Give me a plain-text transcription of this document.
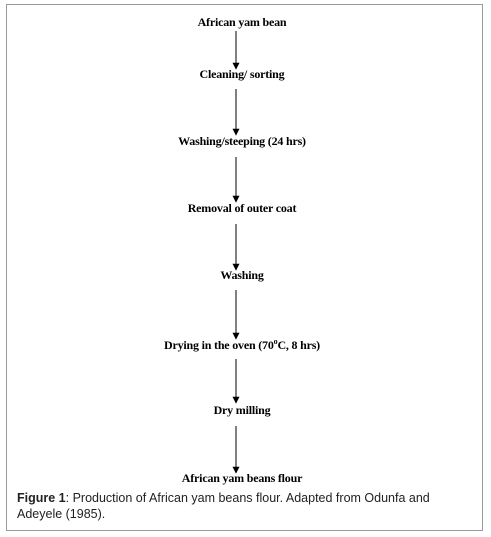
African yam bean
Cleaning/ sorting
Washing/steeping (24 hrs)
Removal of outer coat
Washing
Drying in the oven (70$^o$C, 8 hrs)
Dry milling
African yam beans flour
Figure 1: Production of African yam beans flour. Adapted from Odunfa and Adeyele (1985).
